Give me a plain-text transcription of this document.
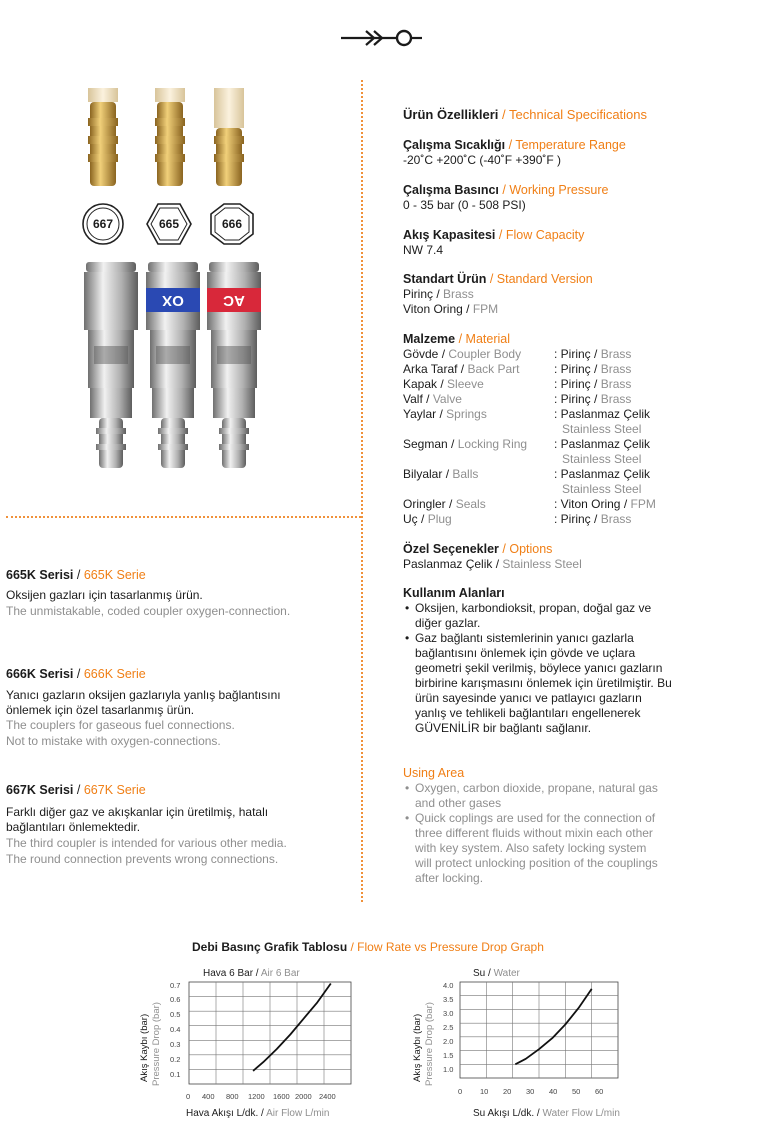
667	665	666
OX	AC
Ürün Özellikleri / Technical Specifications
Çalışma Sıcaklığı / Temperature Range
-20˚C +200˚C (-40˚F +390˚F )
Çalışma Basıncı / Working Pressure
0 - 35 bar (0 - 508 PSI)
Akış Kapasitesi / Flow Capacity
NW 7.4
Standart Ürün / Standard Version
Pirinç / Brass
Viton Oring / FPM
Malzeme / Material
Gövde / Coupler Body	: Pirinç / Brass
Arka Taraf / Back Part	: Pirinç / Brass
Kapak / Sleeve	: Pirinç / Brass
Valf / Valve	: Pirinç / Brass
Yaylar / Springs	: Paslanmaz Çelik
Stainless Steel
Segman / Locking Ring : Paslanmaz Çelik
Stainless Steel
Bilyalar / Balls	: Paslanmaz Çelik
Stainless Steel
Oringler / Seals	: Viton Oring / FPM
Uç / Plug	: Pirinç / Brass
Özel Seçenekler / Options
Paslanmaz Çelik / Stainless Steel
Kullanım Alanları
• Oksijen, karbondioksit, propan, doğal gaz ve diğer gazlar.
• Gaz bağlantı sistemlerinin yanıcı gazlarla bağlantısını önlemek için gövde ve uçlara geometri şekil verilmiş, böylece yanıcı gazların birbirine karışmasını önlemek için üretilmiştir. Bu ürün sayesinde yanıcı ve patlayıcı gazların yanlış ve tehlikeli bağlantıları engellenerek GÜVENİLİR bir bağlantı sağlanır.
Using Area
• Oxygen, carbon dioxide, propane, natural gas and other gases
• Quick coplings are used for the connection of three different fluids without mixin each other with key system. Also safety locking system will protect unlocking position of the couplings after locking.
665K Serisi / 665K Serie
Oksijen gazları için tasarlanmış ürün.
The unmistakable, coded coupler oxygen-connection.
666K Serisi / 666K Serie
Yanıcı gazların oksijen gazlarıyla yanlış bağlantısını
önlemek için özel tasarlanmış ürün.
The couplers for gaseous fuel connections.
Not to mistake with oxygen-connections.
667K Serisi / 667K Serie
Farklı diğer gaz ve akışkanlar için üretilmiş, hatalı
bağlantıları önlemektedir.
The third coupler is intended for various other media.
The round connection prevents wrong connections.
Debi Basınç Grafik Tablosu / Flow Rate vs Pressure Drop Graph
Hava 6 Bar / Air 6 Bar
0.7
0.6
0.5
0.4
0.3
0.2
0.1
0 400 800 1200 1600 2000 2400
Hava Akışı L/dk. / Air Flow L/min
Akış Kaybı (bar) Pressure Drop (bar)
Su / Water
4.0
3.5
3.0
2.5
2.0
1.5
1.0
0 10 20 30 40 50 60
Su Akışı L/dk. / Water Flow L/min
Akış Kaybı (bar) Pressure Drop (bar)
